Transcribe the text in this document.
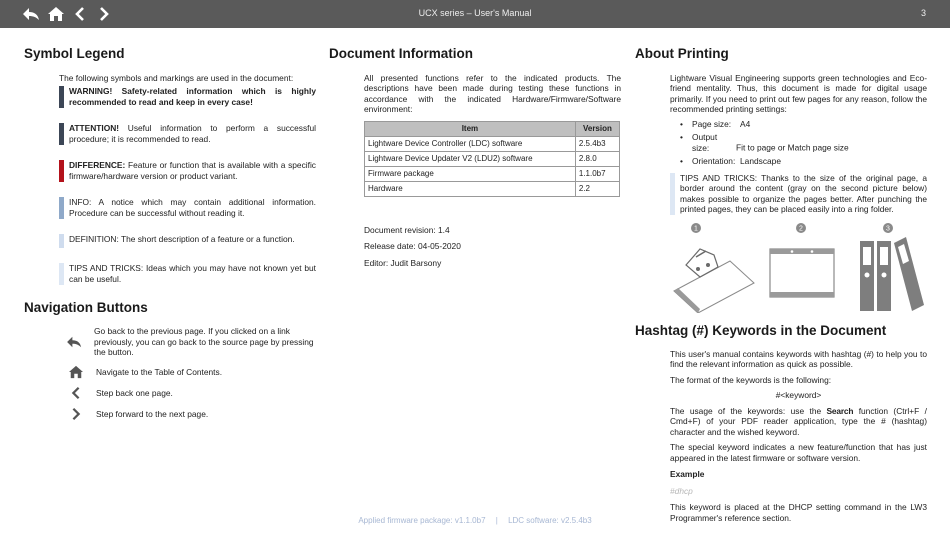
UCX series – User's Manual	3
Symbol Legend

The following symbols and markings are used in the document:

WARNING! Safety-related information which is highly recommended to read and keep in every case!
ATTENTION! Useful information to perform a successful procedure; it is recommended to read.
DIFFERENCE: Feature or function that is available with a specific firmware/hardware version or product variant.
INFO: A notice which may contain additional information. Procedure can be successful without reading it.
DEFINITION: The short description of a feature or a function.
TIPS AND TRICKS: Ideas which you may have not known yet but can be useful.
Navigation Buttons
Go back to the previous page. If you clicked on a link previously, you can go back to the source page by pressing the button.
Navigate to the Table of Contents.
Step back one page.
Step forward to the next page.
Document Information

All presented functions refer to the indicated products. The descriptions have been made during testing these functions in accordance with the indicated Hardware/Firmware/Software environment:

Item	Version
Lightware Device Controller (LDC) software	2.5.4b3
Lightware Device Updater V2 (LDU2) software	2.8.0
Firmware package	1.1.0b7
Hardware	2.2

Document revision: 1.4

Release date: 04-05-2020

Editor: Judit Barsony

About Printing

Lightware Visual Engineering supports green technologies and Eco-friend mentality. Thus, this document is made for digital usage primarily. If you need to print out few pages for any reason, follow the recommended printing settings:

• Page size: A4
• Output size:	Fit to page or Match page size
• Orientation: Landscape
TIPS AND TRICKS: Thanks to the size of the original page, a border around the content (gray on the second picture below) makes possible to organize the pages better. After punching the printed pages, they can be placed easily into a ring folder.
1	2	3
Hashtag (#) Keywords in the Document

This user's manual contains keywords with hashtag (#) to help you to find the relevant information as quick as possible.

The format of the keywords is the following:

#<keyword>

The usage of the keywords: use the Search function (Ctrl+F / Cmd+F) of your PDF reader application, type the # (hashtag) character and the wished keyword.

The special keyword indicates a new feature/function that has just appeared in the latest firmware or software version.

Example

#dhcp

This keyword is placed at the DHCP setting command in the LW3 Programmer's reference section.

Applied firmware package: v1.1.0b7 | LDC software: v2.5.4b3
